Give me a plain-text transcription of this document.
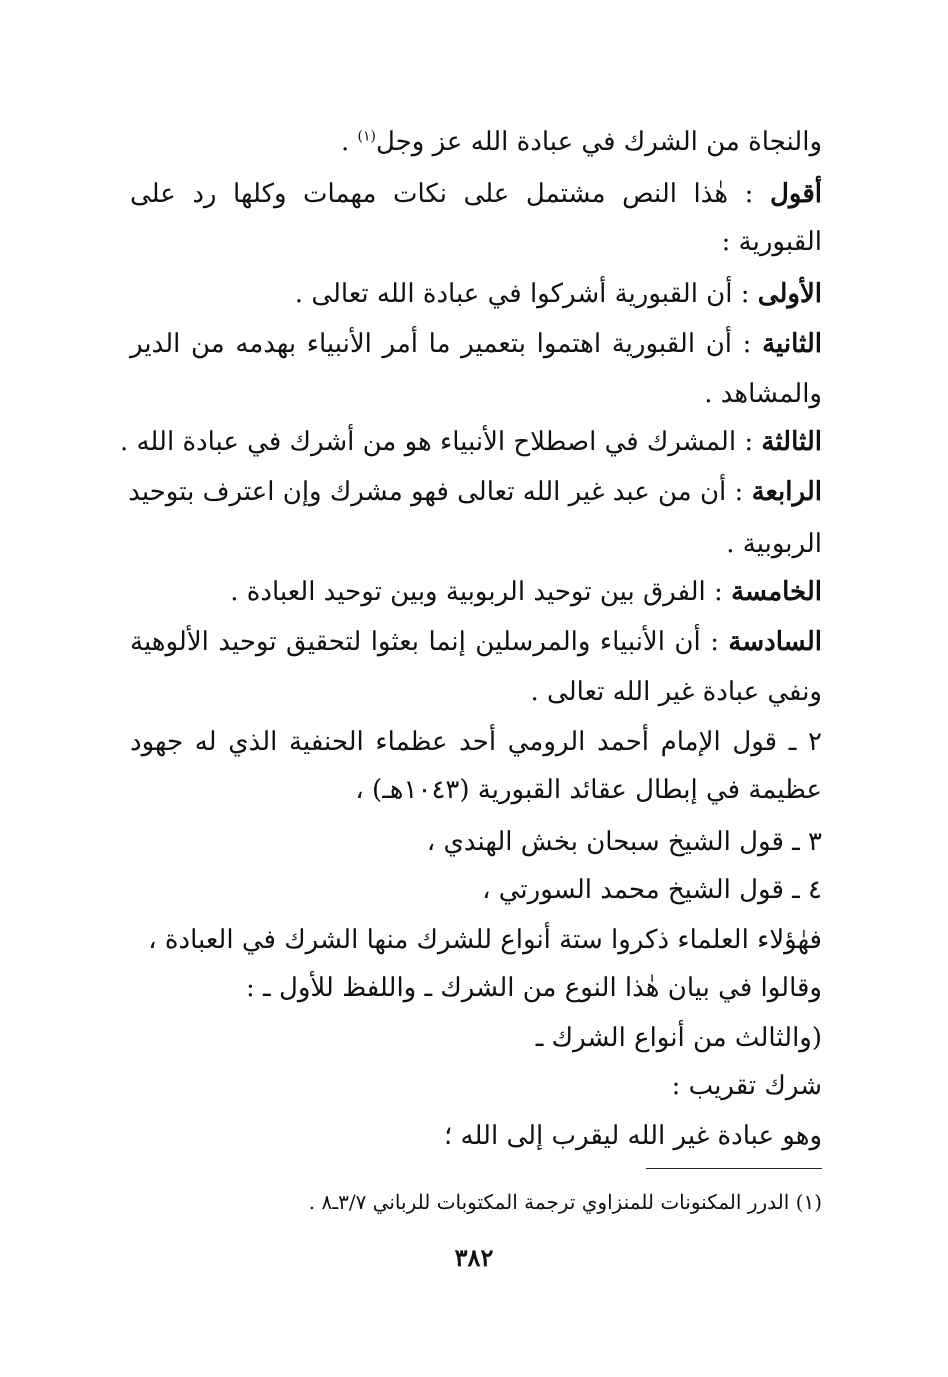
والنجاة من الشرك في عبادة الله عز وجل$^{(١)}$ .
أقول : هٰذا النص مشتمل على نكات مهمات وكلها رد على
القبورية :
الأولى : أن القبورية أشركوا في عبادة الله تعالى .
الثانية : أن القبورية اهتموا بتعمير ما أمر الأنبياء بهدمه من الدير
والمشاهد .
الثالثة : المشرك في اصطلاح الأنبياء هو من أشرك في عبادة الله .
الرابعة : أن من عبد غير الله تعالى فهو مشرك وإن اعترف بتوحيد
الربوبية .
الخامسة : الفرق بين توحيد الربوبية وبين توحيد العبادة .
السادسة : أن الأنبياء والمرسلين إنما بعثوا لتحقيق توحيد الألوهية
ونفي عبادة غير الله تعالى .
٢ ـ قول الإمام أحمد الرومي أحد عظماء الحنفية الذي له جهود
عظيمة في إبطال عقائد القبورية (١٠٤٣هـ) ،
٣ ـ قول الشيخ سبحان بخش الهندي ،
٤ ـ قول الشيخ محمد السورتي ،
فهٰؤلاء العلماء ذكروا ستة أنواع للشرك منها الشرك في العبادة ،
وقالوا في بيان هٰذا النوع من الشرك ـ واللفظ للأول ـ :
(والثالث من أنواع الشرك ـ
شرك تقريب :
وهو عبادة غير الله ليقرب إلى الله ؛
(١) الدرر المكنونات للمنزاوي ترجمة المكتوبات للرباني ٣/٧ـ٨ .
٣٨٢
